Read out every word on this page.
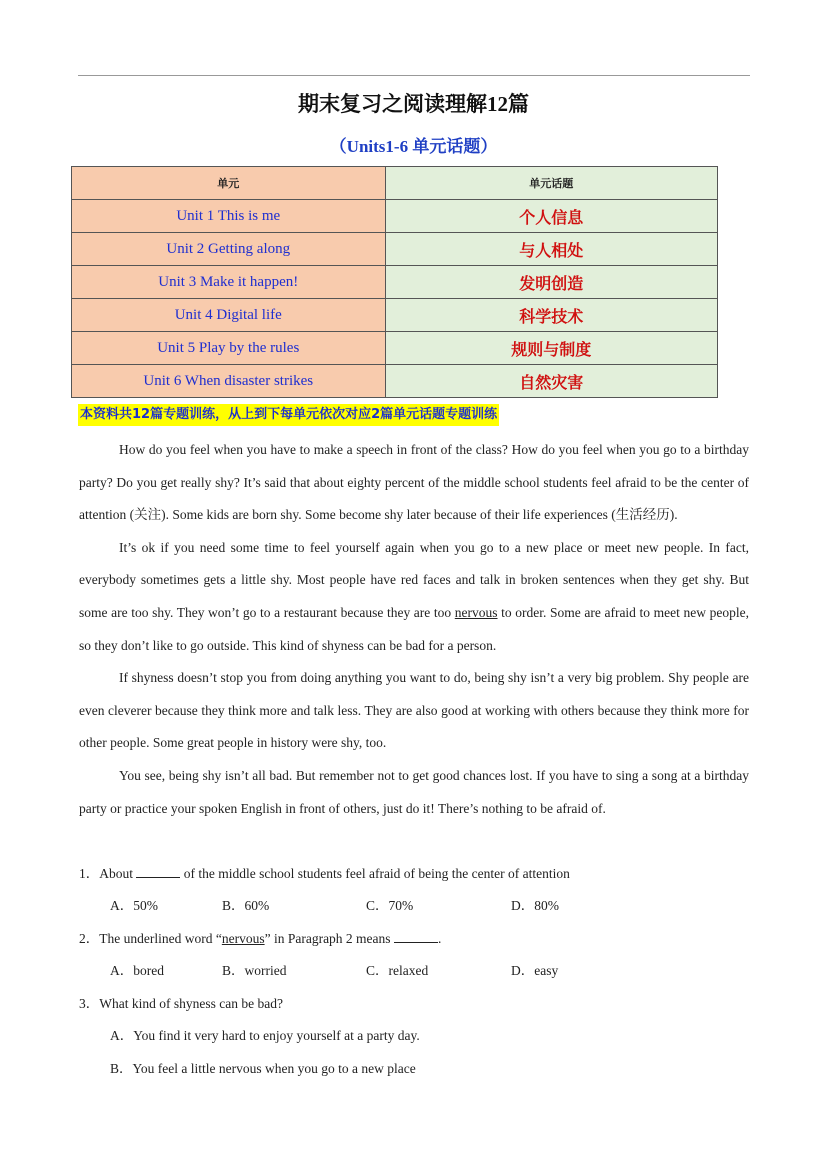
期末复习之阅读理解12篇
（Units1-6 单元话题）
单元	单元话题
Unit 1 This is me	个人信息
Unit 2 Getting along	与人相处
Unit 3 Make it happen!	发明创造
Unit 4 Digital life	科学技术
Unit 5 Play by the rules	规则与制度
Unit 6 When disaster strikes	自然灾害
本资料共12篇专题训练，从上到下每单元依次对应2篇单元话题专题训练

How do you feel when you have to make a speech in front of the class? How do you feel when you go to a birthday party? Do you get really shy? It’s said that about eighty percent of the middle school students feel afraid to be the center of attention (关注). Some kids are born shy. Some become shy later because of their life experiences (生活经历).

It’s ok if you need some time to feel yourself again when you go to a new place or meet new people. In fact, everybody sometimes gets a little shy. Most people have red faces and talk in broken sentences when they get shy. But some are too shy. They won’t go to a restaurant because they are too nervous to order. Some are afraid to meet new people, so they don’t like to go outside. This kind of shyness can be bad for a person.

If shyness doesn’t stop you from doing anything you want to do, being shy isn’t a very big problem. Shy people are even cleverer because they think more and talk less. They are also good at working with others because they think more for other people. Some great people in history were shy, too.

You see, being shy isn’t all bad. But remember not to get good chances lost. If you have to sing a song at a birthday party or practice your spoken English in front of others, just do it! There’s nothing to be afraid of.

1．About	of the middle school students feel afraid of being the center of attention
A．50%	B．60%	C．70%	D．80%
2．The underlined word “nervous” in Paragraph 2 means	.
A．bored	B．worried	C．relaxed	D．easy
3．What kind of shyness can be bad?
A．You find it very hard to enjoy yourself at a party day.
B．You feel a little nervous when you go to a new place
